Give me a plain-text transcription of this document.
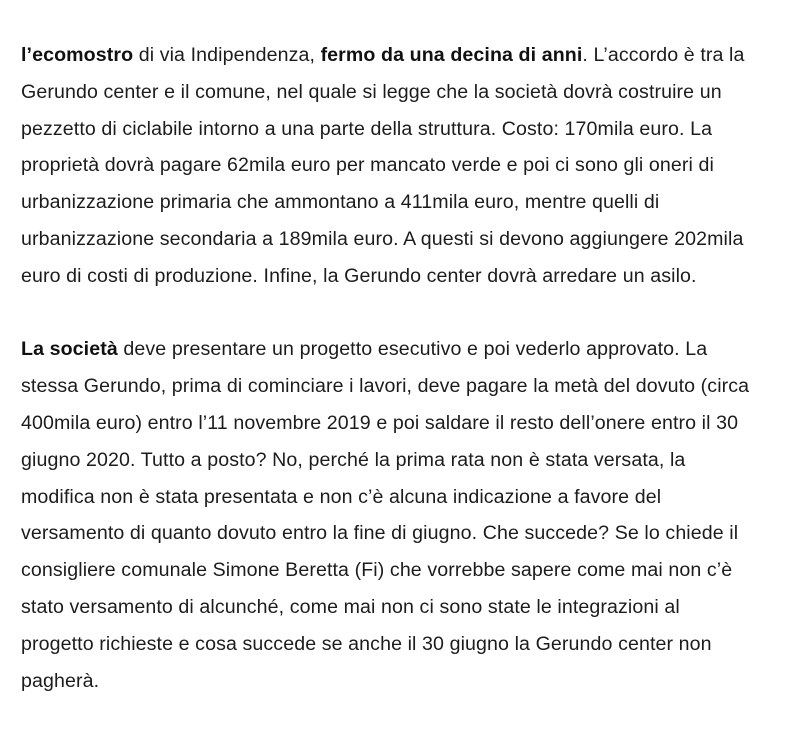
l’ecomostro di via Indipendenza, fermo da una decina di anni. L’accordo è tra la
Gerundo center e il comune, nel quale si legge che la società dovrà costruire un
pezzetto di ciclabile intorno a una parte della struttura. Costo: 170mila euro. La
proprietà dovrà pagare 62mila euro per mancato verde e poi ci sono gli oneri di
urbanizzazione primaria che ammontano a 411mila euro, mentre quelli di
urbanizzazione secondaria a 189mila euro. A questi si devono aggiungere 202mila
euro di costi di produzione. Infine, la Gerundo center dovrà arredare un asilo.

La società deve presentare un progetto esecutivo e poi vederlo approvato. La
stessa Gerundo, prima di cominciare i lavori, deve pagare la metà del dovuto (circa
400mila euro) entro l’11 novembre 2019 e poi saldare il resto dell’onere entro il 30
giugno 2020. Tutto a posto? No, perché la prima rata non è stata versata, la
modifica non è stata presentata e non c’è alcuna indicazione a favore del
versamento di quanto dovuto entro la fine di giugno. Che succede? Se lo chiede il
consigliere comunale Simone Beretta (Fi) che vorrebbe sapere come mai non c’è
stato versamento di alcunché, come mai non ci sono state le integrazioni al
progetto richieste e cosa succede se anche il 30 giugno la Gerundo center non
pagherà.
